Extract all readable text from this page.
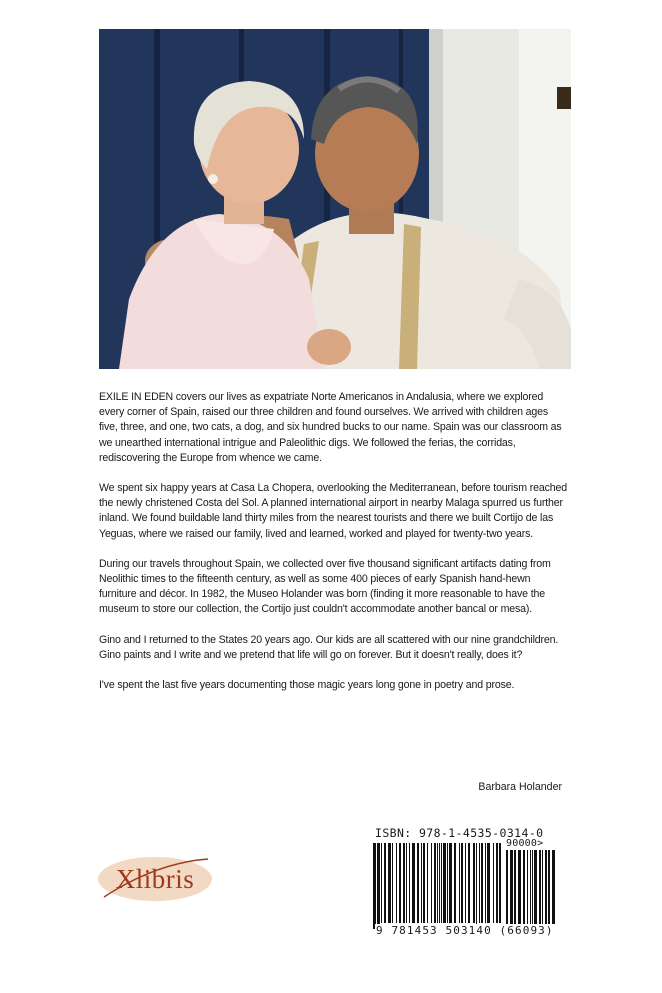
EXILE IN EDEN covers our lives as expatriate Norte Americanos in Andalusia, where we explored every corner of Spain, raised our three children and found ourselves. We arrived with children ages five, three, and one, two cats, a dog, and six hundred bucks to our name. Spain was our classroom as we unearthed international intrigue and Paleolithic digs. We followed the ferias, the corridas, rediscovering the Europe from whence we came.

We spent six happy years at Casa La Chopera, overlooking the Mediterranean, before tourism reached the newly christened Costa del Sol. A planned international airport in nearby Malaga spurred us further inland. We found buildable land thirty miles from the nearest tourists and there we built Cortijo de las Yeguas, where we raised our family, lived and learned, worked and played for twenty-two years.

During our travels throughout Spain, we collected over five thousand significant artifacts dating from Neolithic times to the fifteenth century, as well as some 400 pieces of early Spanish hand-hewn furniture and décor. In 1982, the Museo Holander was born (finding it more reasonable to have the museum to store our collection, the Cortijo just couldn't accommodate another bancal or mesa).

Gino and I returned to the States 20 years ago. Our kids are all scattered with our nine grandchildren. Gino paints and I write and we pretend that life will go on forever. But it doesn't really, does it?

I've spent the last five years documenting those magic years long gone in poetry and prose.

Barbara Holander
ISBN: 978-1-4535-0314-0
90000>
9 781453 503140 (66093)
Xlibris
